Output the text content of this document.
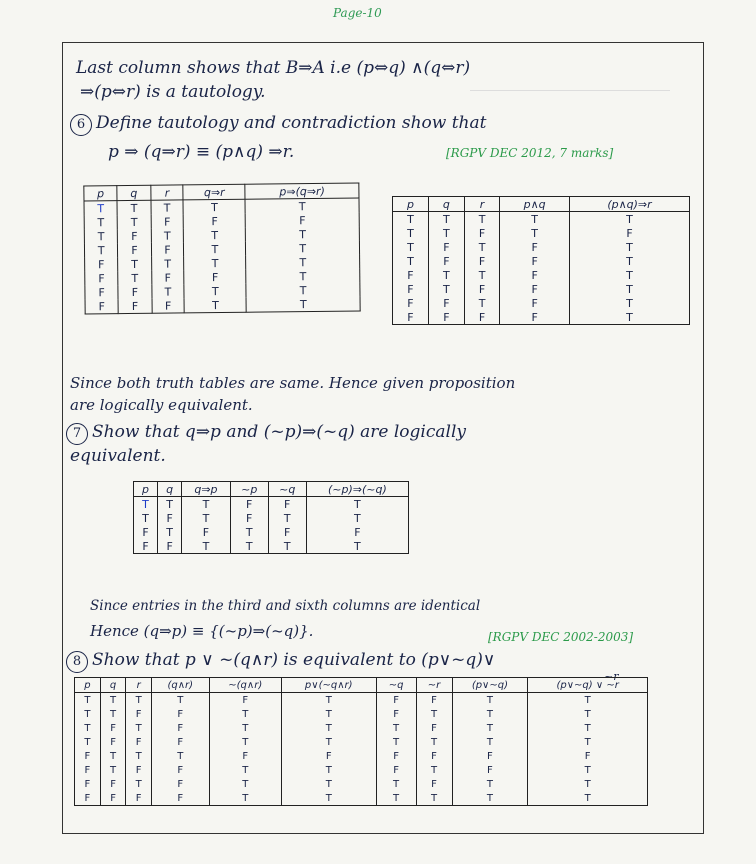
Page-10
Last column shows that B⇒A i.e (p⇔q) ∧(q⇔r)
⇒(p⇔r) is a tautology.
6 Define tautology and contradiction show that
p ⇒ (q⇒r) ≡ (p∧q) ⇒r.	[RGPV DEC 2012, 7 marks]
p	q	r	q⇒r	p⇒(q⇒r)
T	T	T	T	T
T	T	F	F	F
T	F	T	T	T
T	F	F	T	T
F	T	T	T	T
F	T	F	F	T
F	F	T	T	T
F	F	F	T	T
p	q	r	p∧q	(p∧q)⇒r
T	T	T	T	T
T	T	F	T	F
T	F	T	F	T
T	F	F	F	T
F	T	T	F	T
F	T	F	F	T
F	F	T	F	T
F	F	F	F	T
Since both truth tables are same. Hence given proposition
are logically equivalent.
7 Show that q⇒p and (~p)⇒(~q) are logically
equivalent.
p	q	q⇒p	~p	~q	(~p)⇒(~q)
T	T	T	F	F	T
T	F	T	F	T	T
F	T	F	T	F	F
F	F	T	T	T	T
Since entries in the third and sixth columns are identical
Hence (q⇒p) ≡ {(~p)⇒(~q)}.	[RGPV DEC 2002-2003]
8 Show that p ∨ ~(q∧r) is equivalent to (p∨~q)∨
~r
p	q	r	(q∧r)	~(q∧r)	p∨(~q∧r)	~q	~r	(p∨~q)	(p∨~q) ∨ ~r
T	T	T	T	F	T	F	F	T	T
T	T	F	F	T	T	F	T	T	T
T	F	T	F	T	T	T	F	T	T
T	F	F	F	T	T	T	T	T	T
F	T	T	T	F	F	F	F	F	F
F	T	F	F	T	T	F	T	F	T
F	F	T	F	T	T	T	F	T	T
F	F	F	F	T	T	T	T	T	T
